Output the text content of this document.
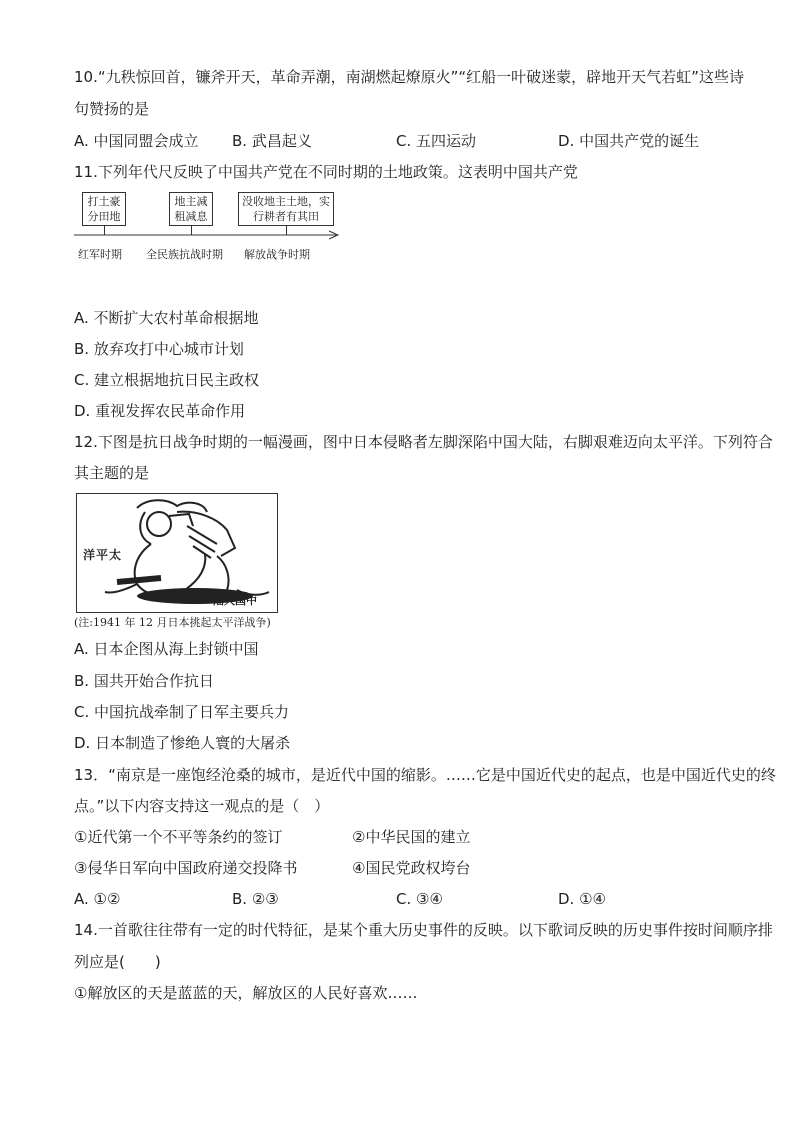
10.“九秩惊回首，镰斧开天，革命弄潮，南湖燃起燎原火”“红船一叶破迷蒙，辟地开天气若虹”这些诗
句赞扬的是
A. 中国同盟会成立 B. 武昌起义	C. 五四运动	D. 中国共产党的诞生
11.下列年代尺反映了中国共产党在不同时期的土地政策。这表明中国共产党
打土豪
分田地
地主减
租减息
没收地主土地，实
行耕者有其田
红军时期 全民族抗战时期 解放战争时期
A. 不断扩大农村革命根据地
B. 放弃攻打中心城市计划
C. 建立根据地抗日民主政权
D. 重视发挥农民革命作用
12.下图是抗日战争时期的一幅漫画，图中日本侵略者左脚深陷中国大陆，右脚艰难迈向太平洋。下列符合
其主题的是
洋平太
陆大国中
(注:1941 年 12 月日本挑起太平洋战争)
A. 日本企图从海上封锁中国
B. 国共开始合作抗日
C. 中国抗战牵制了日军主要兵力
D. 日本制造了惨绝人寰的大屠杀
13．“南京是一座饱经沧桑的城市，是近代中国的缩影。……它是中国近代史的起点，也是中国近代史的终
点。”以下内容支持这一观点的是（　）
①近代第一个不平等条约的签订	②中华民国的建立
③侵华日军向中国政府递交投降书	④国民党政权垮台
A. ①②	B. ②③	C. ③④	D. ①④
14.一首歌往往带有一定的时代特征，是某个重大历史事件的反映。以下歌词反映的历史事件按时间顺序排
列应是(　　)
①解放区的天是蓝蓝的天，解放区的人民好喜欢……
